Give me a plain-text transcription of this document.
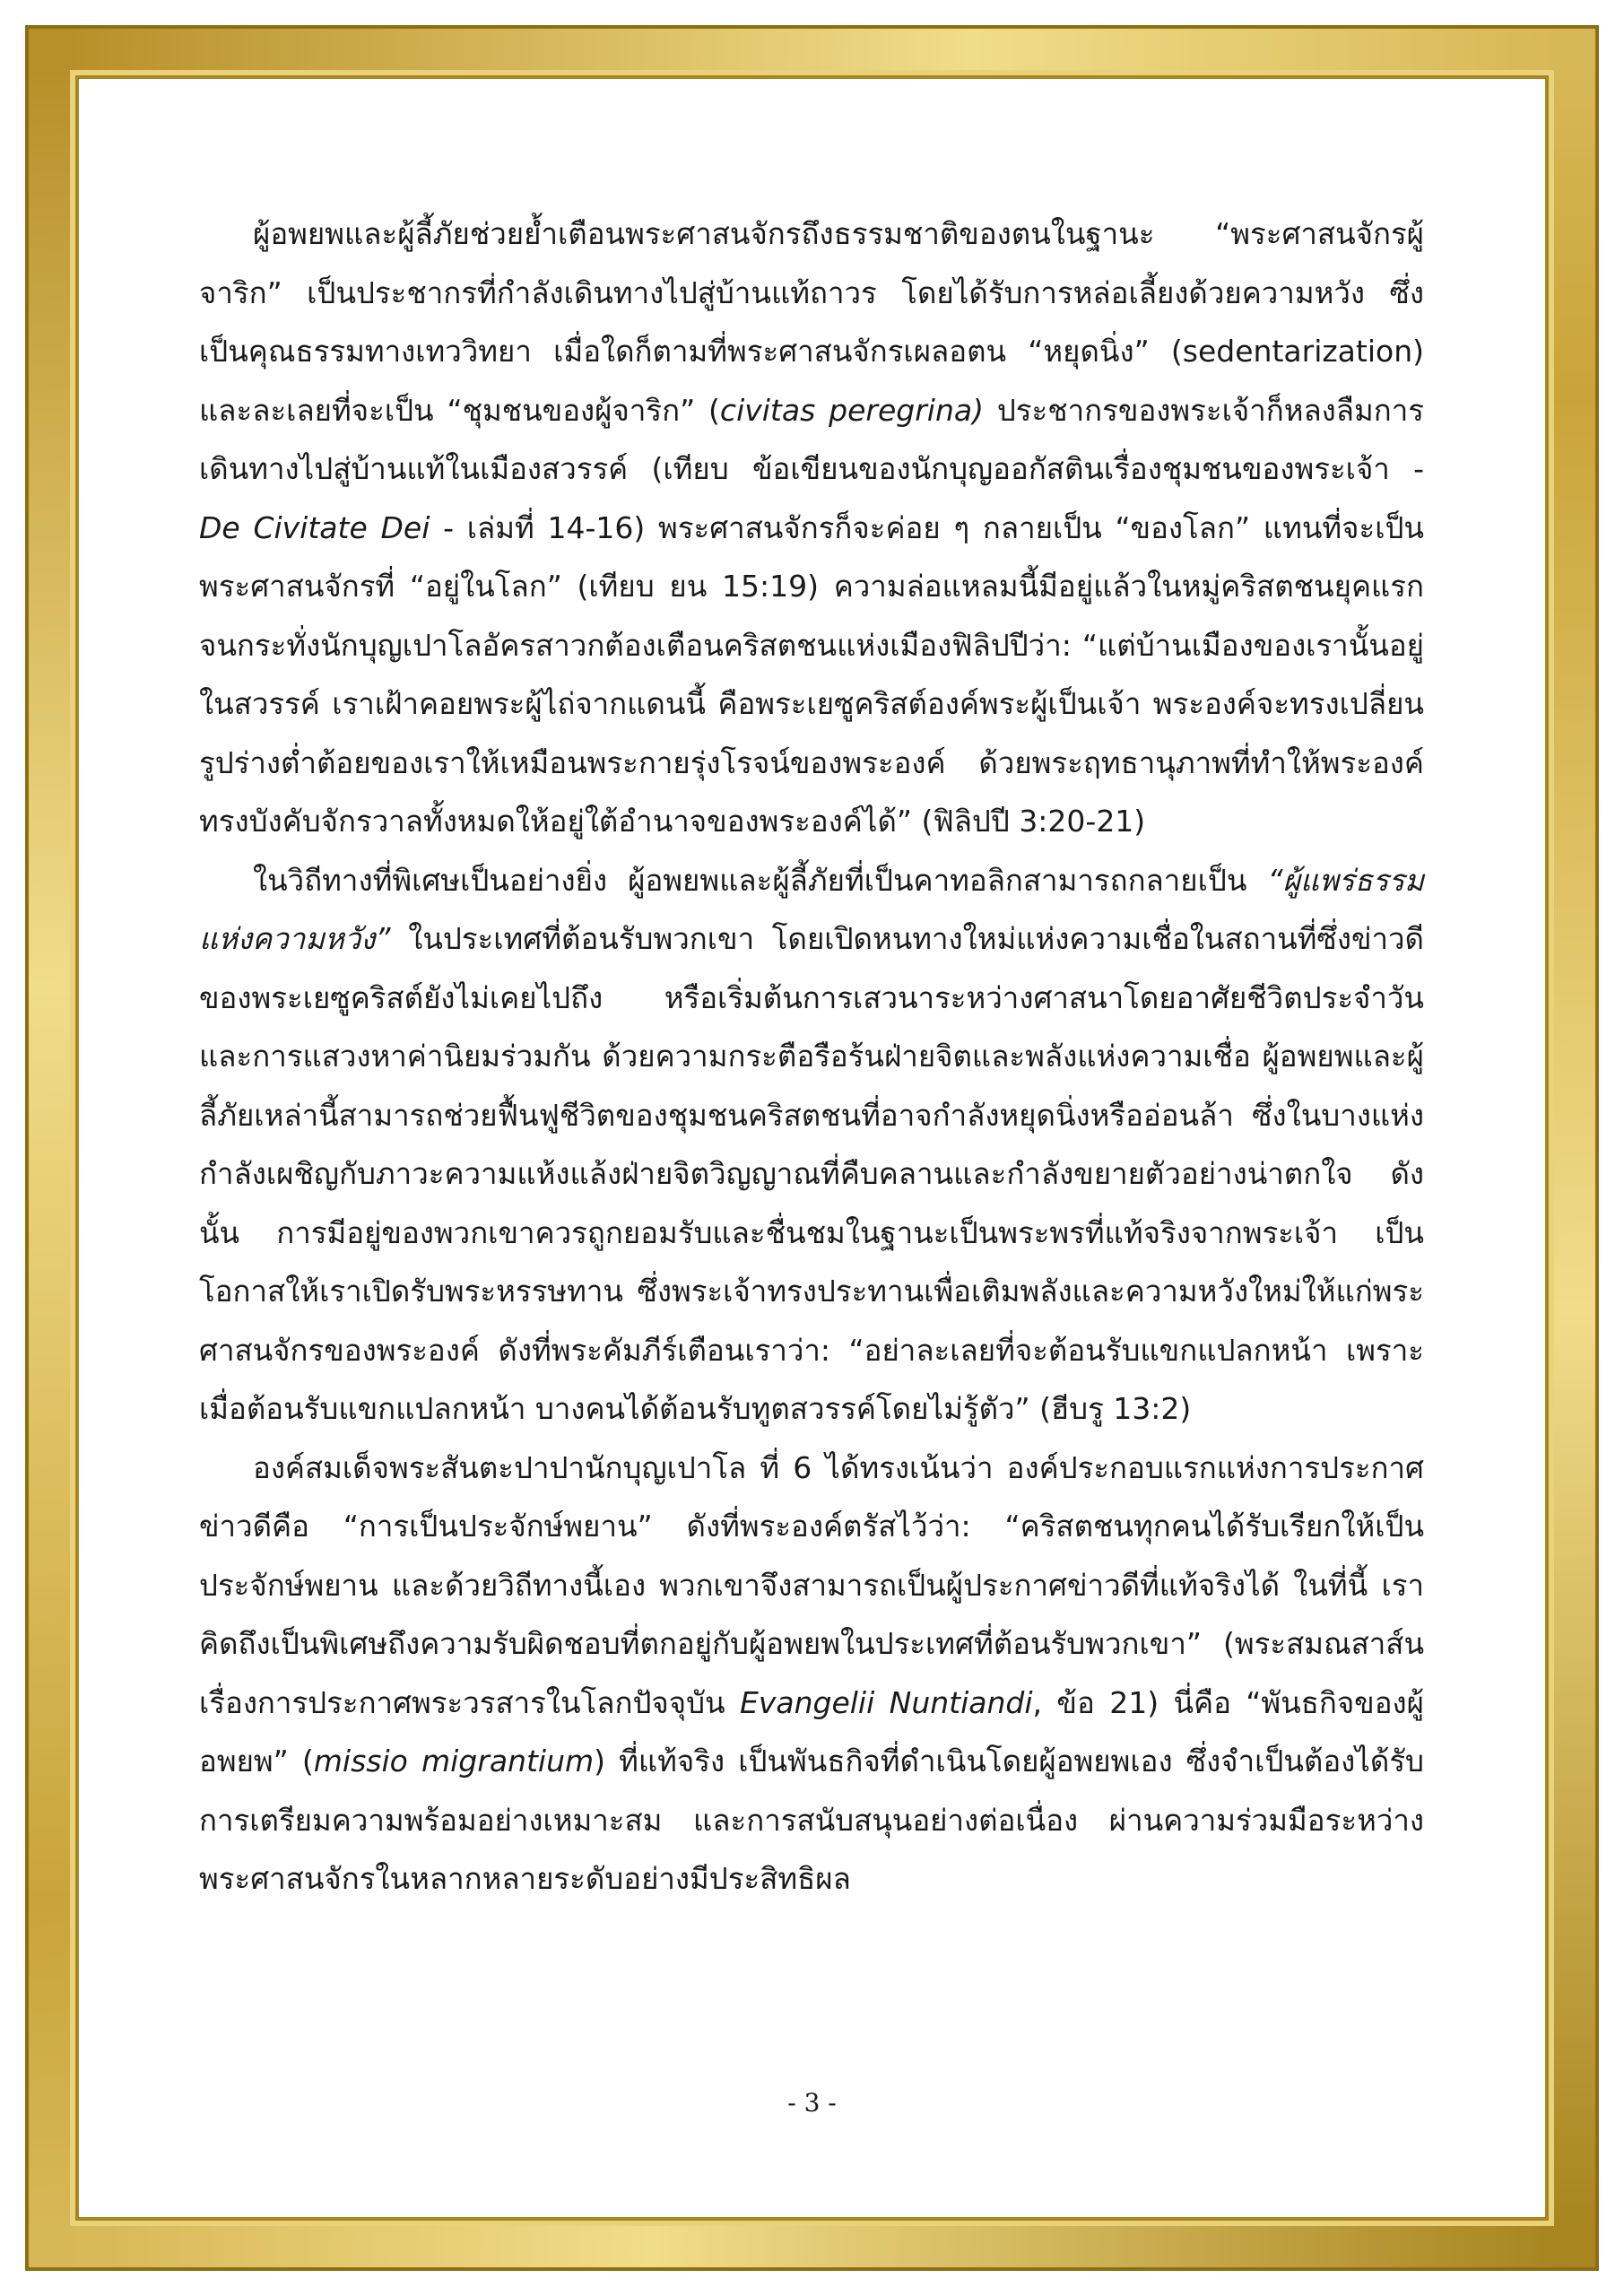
ผู้อพยพและผู้ลี้ภัยช่วยย้ำเตือนพระศาสนจักรถึงธรรมชาติของตนในฐานะ “พระศาสนจักรผู้จาริก” เป็นประชากรที่กำลังเดินทางไปสู่บ้านแท้ถาวร โดยได้รับการหล่อเลี้ยงด้วยความหวัง ซึ่งเป็นคุณธรรมทางเทววิทยา เมื่อใดก็ตามที่พระศาสนจักรเผลอตน “หยุดนิ่ง” (sedentarization) และละเลยที่จะเป็น “ชุมชนของผู้จาริก” (civitas peregrina) ประชากรของพระเจ้าก็หลงลืมการเดินทางไปสู่บ้านแท้ในเมืองสวรรค์ (เทียบ ข้อเขียนของนักบุญออกัสตินเรื่องชุมชนของพระเจ้า - De Civitate Dei - เล่มที่ 14-16) พระศาสนจักรก็จะค่อย ๆ กลายเป็น “ของโลก” แทนที่จะเป็นพระศาสนจักรที่ “อยู่ในโลก” (เทียบ ยน 15:19) ความล่อแหลมนี้มีอยู่แล้วในหมู่คริสตชนยุคแรก จนกระทั่งนักบุญเปาโลอัครสาวกต้องเตือนคริสตชนแห่งเมืองฟิลิปปีว่า: “แต่บ้านเมืองของเรานั้นอยู่ในสวรรค์ เราเฝ้าคอยพระผู้ไถ่จากแดนนี้ คือพระเยซูคริสต์องค์พระผู้เป็นเจ้า พระองค์จะทรงเปลี่ยนรูปร่างต่ำต้อยของเราให้เหมือนพระกายรุ่งโรจน์ของพระองค์ ด้วยพระฤทธานุภาพที่ทำให้พระองค์ทรงบังคับจักรวาลทั้งหมดให้อยู่ใต้อำนาจของพระองค์ได้” (ฟิลิปปี 3:20-21)

ในวิถีทางที่พิเศษเป็นอย่างยิ่ง ผู้อพยพและผู้ลี้ภัยที่เป็นคาทอลิกสามารถกลายเป็น “ผู้แพร่ธรรมแห่งความหวัง” ในประเทศที่ต้อนรับพวกเขา โดยเปิดหนทางใหม่แห่งความเชื่อในสถานที่ซึ่งข่าวดีของพระเยซูคริสต์ยังไม่เคยไปถึง หรือเริ่มต้นการเสวนาระหว่างศาสนาโดยอาศัยชีวิตประจำวันและการแสวงหาค่านิยมร่วมกัน ด้วยความกระตือรือร้นฝ่ายจิตและพลังแห่งความเชื่อ ผู้อพยพและผู้ลี้ภัยเหล่านี้สามารถช่วยฟื้นฟูชีวิตของชุมชนคริสตชนที่อาจกำลังหยุดนิ่งหรืออ่อนล้า ซึ่งในบางแห่งกำลังเผชิญกับภาวะความแห้งแล้งฝ่ายจิตวิญญาณที่คืบคลานและกำลังขยายตัวอย่างน่าตกใจ ดังนั้น การมีอยู่ของพวกเขาควรถูกยอมรับและชื่นชมในฐานะเป็นพระพรที่แท้จริงจากพระเจ้า เป็นโอกาสให้เราเปิดรับพระหรรษทาน ซึ่งพระเจ้าทรงประทานเพื่อเติมพลังและความหวังใหม่ให้แก่พระศาสนจักรของพระองค์ ดังที่พระคัมภีร์เตือนเราว่า: “อย่าละเลยที่จะต้อนรับแขกแปลกหน้า เพราะเมื่อต้อนรับแขกแปลกหน้า บางคนได้ต้อนรับทูตสวรรค์โดยไม่รู้ตัว” (ฮีบรู 13:2)

องค์สมเด็จพระสันตะปาปานักบุญเปาโล ที่ 6 ได้ทรงเน้นว่า องค์ประกอบแรกแห่งการประกาศข่าวดีคือ “การเป็นประจักษ์พยาน” ดังที่พระองค์ตรัสไว้ว่า: “คริสตชนทุกคนได้รับเรียกให้เป็นประจักษ์พยาน และด้วยวิถีทางนี้เอง พวกเขาจึงสามารถเป็นผู้ประกาศข่าวดีที่แท้จริงได้ ในที่นี้ เราคิดถึงเป็นพิเศษถึงความรับผิดชอบที่ตกอยู่กับผู้อพยพในประเทศที่ต้อนรับพวกเขา” (พระสมณสาส์นเรื่องการประกาศพระวรสารในโลกปัจจุบัน Evangelii Nuntiandi, ข้อ 21) นี่คือ “พันธกิจของผู้อพยพ” (missio migrantium) ที่แท้จริง เป็นพันธกิจที่ดำเนินโดยผู้อพยพเอง ซึ่งจำเป็นต้องได้รับการเตรียมความพร้อมอย่างเหมาะสม และการสนับสนุนอย่างต่อเนื่อง ผ่านความร่วมมือระหว่างพระศาสนจักรในหลากหลายระดับอย่างมีประสิทธิผล

- 3 -
